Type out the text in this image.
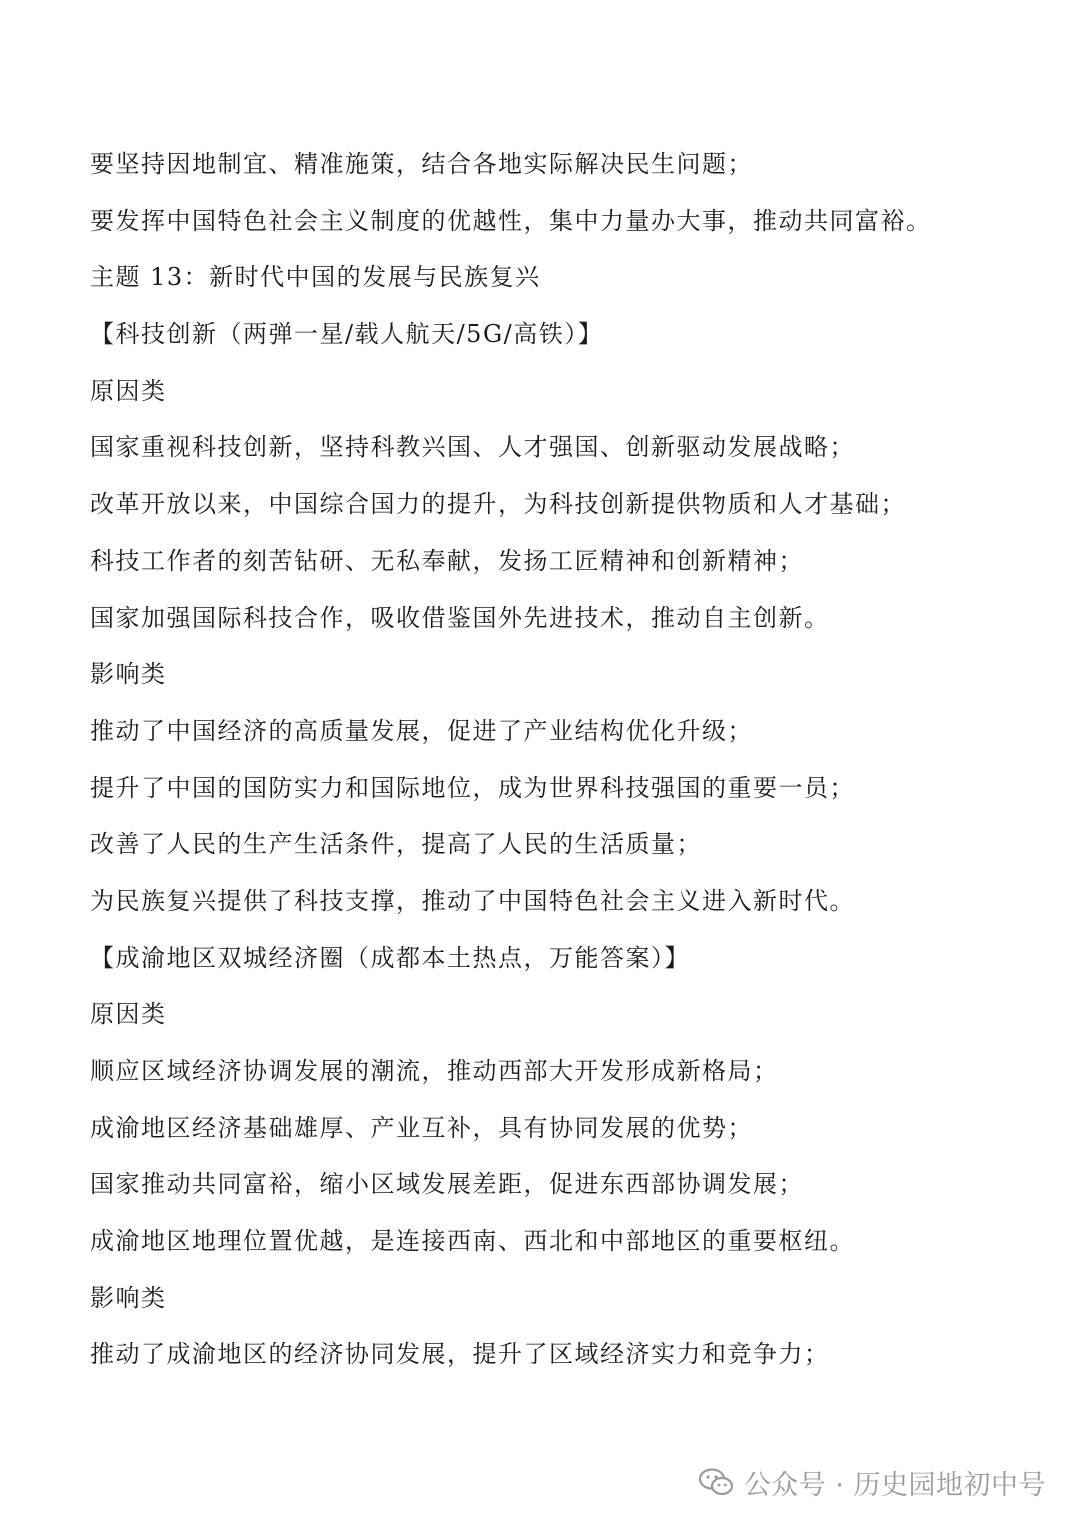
要坚持因地制宜、精准施策，结合各地实际解决民生问题；
要发挥中国特色社会主义制度的优越性，集中力量办大事，推动共同富裕。
主题 13：新时代中国的发展与民族复兴
【科技创新（两弹一星/载人航天/5G/高铁）】
原因类
国家重视科技创新，坚持科教兴国、人才强国、创新驱动发展战略；
改革开放以来，中国综合国力的提升，为科技创新提供物质和人才基础；
科技工作者的刻苦钻研、无私奉献，发扬工匠精神和创新精神；
国家加强国际科技合作，吸收借鉴国外先进技术，推动自主创新。
影响类
推动了中国经济的高质量发展，促进了产业结构优化升级；
提升了中国的国防实力和国际地位，成为世界科技强国的重要一员；
改善了人民的生产生活条件，提高了人民的生活质量；
为民族复兴提供了科技支撑，推动了中国特色社会主义进入新时代。
【成渝地区双城经济圈（成都本土热点，万能答案）】
原因类
顺应区域经济协调发展的潮流，推动西部大开发形成新格局；
成渝地区经济基础雄厚、产业互补，具有协同发展的优势；
国家推动共同富裕，缩小区域发展差距，促进东西部协调发展；
成渝地区地理位置优越，是连接西南、西北和中部地区的重要枢纽。
影响类
推动了成渝地区的经济协同发展，提升了区域经济实力和竞争力；
公众号 · 历史园地初中号
